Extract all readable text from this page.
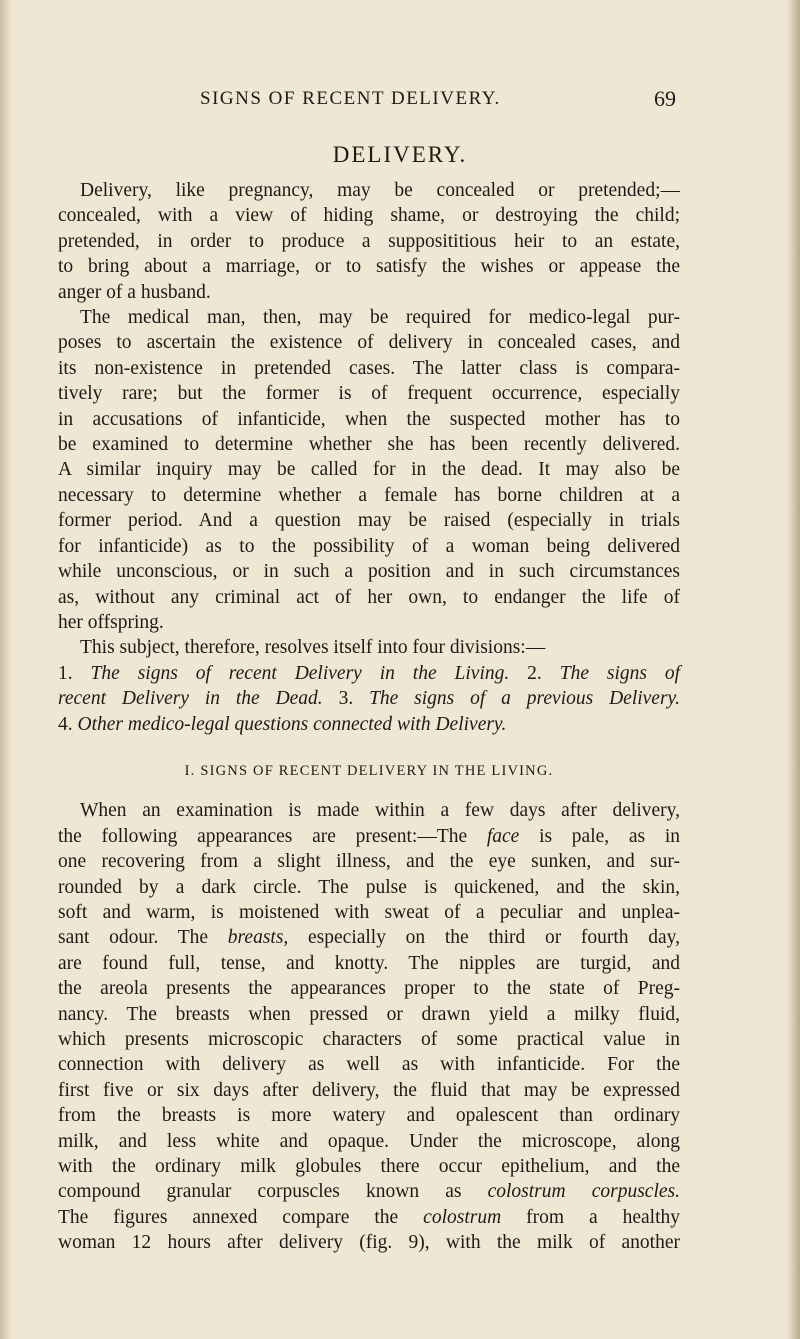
SIGNS OF RECENT DELIVERY.	69
DELIVERY.
Delivery, like pregnancy, may be concealed or pretended;—
concealed, with a view of hiding shame, or destroying the child;
pretended, in order to produce a supposititious heir to an estate,
to bring about a marriage, or to satisfy the wishes or appease the
anger of a husband.
The medical man, then, may be required for medico-legal pur-
poses to ascertain the existence of delivery in concealed cases, and
its non-existence in pretended cases. The latter class is compara-
tively rare; but the former is of frequent occurrence, especially
in accusations of infanticide, when the suspected mother has to
be examined to determine whether she has been recently delivered.
A similar inquiry may be called for in the dead. It may also be
necessary to determine whether a female has borne children at a
former period. And a question may be raised (especially in trials
for infanticide) as to the possibility of a woman being delivered
while unconscious, or in such a position and in such circumstances
as, without any criminal act of her own, to endanger the life of
her offspring.
This subject, therefore, resolves itself into four divisions:—
1. The signs of recent Delivery in the Living. 2. The signs of
recent Delivery in the Dead. 3. The signs of a previous Delivery.
4. Other medico-legal questions connected with Delivery.
I. SIGNS OF RECENT DELIVERY IN THE LIVING.
When an examination is made within a few days after delivery,
the following appearances are present:—The face is pale, as in
one recovering from a slight illness, and the eye sunken, and sur-
rounded by a dark circle. The pulse is quickened, and the skin,
soft and warm, is moistened with sweat of a peculiar and unplea-
sant odour. The breasts, especially on the third or fourth day,
are found full, tense, and knotty. The nipples are turgid, and
the areola presents the appearances proper to the state of Preg-
nancy. The breasts when pressed or drawn yield a milky fluid,
which presents microscopic characters of some practical value in
connection with delivery as well as with infanticide. For the
first five or six days after delivery, the fluid that may be expressed
from the breasts is more watery and opalescent than ordinary
milk, and less white and opaque. Under the microscope, along
with the ordinary milk globules there occur epithelium, and the
compound granular corpuscles known as colostrum corpuscles.
The figures annexed compare the colostrum from a healthy
woman 12 hours after delivery (fig. 9), with the milk of another
